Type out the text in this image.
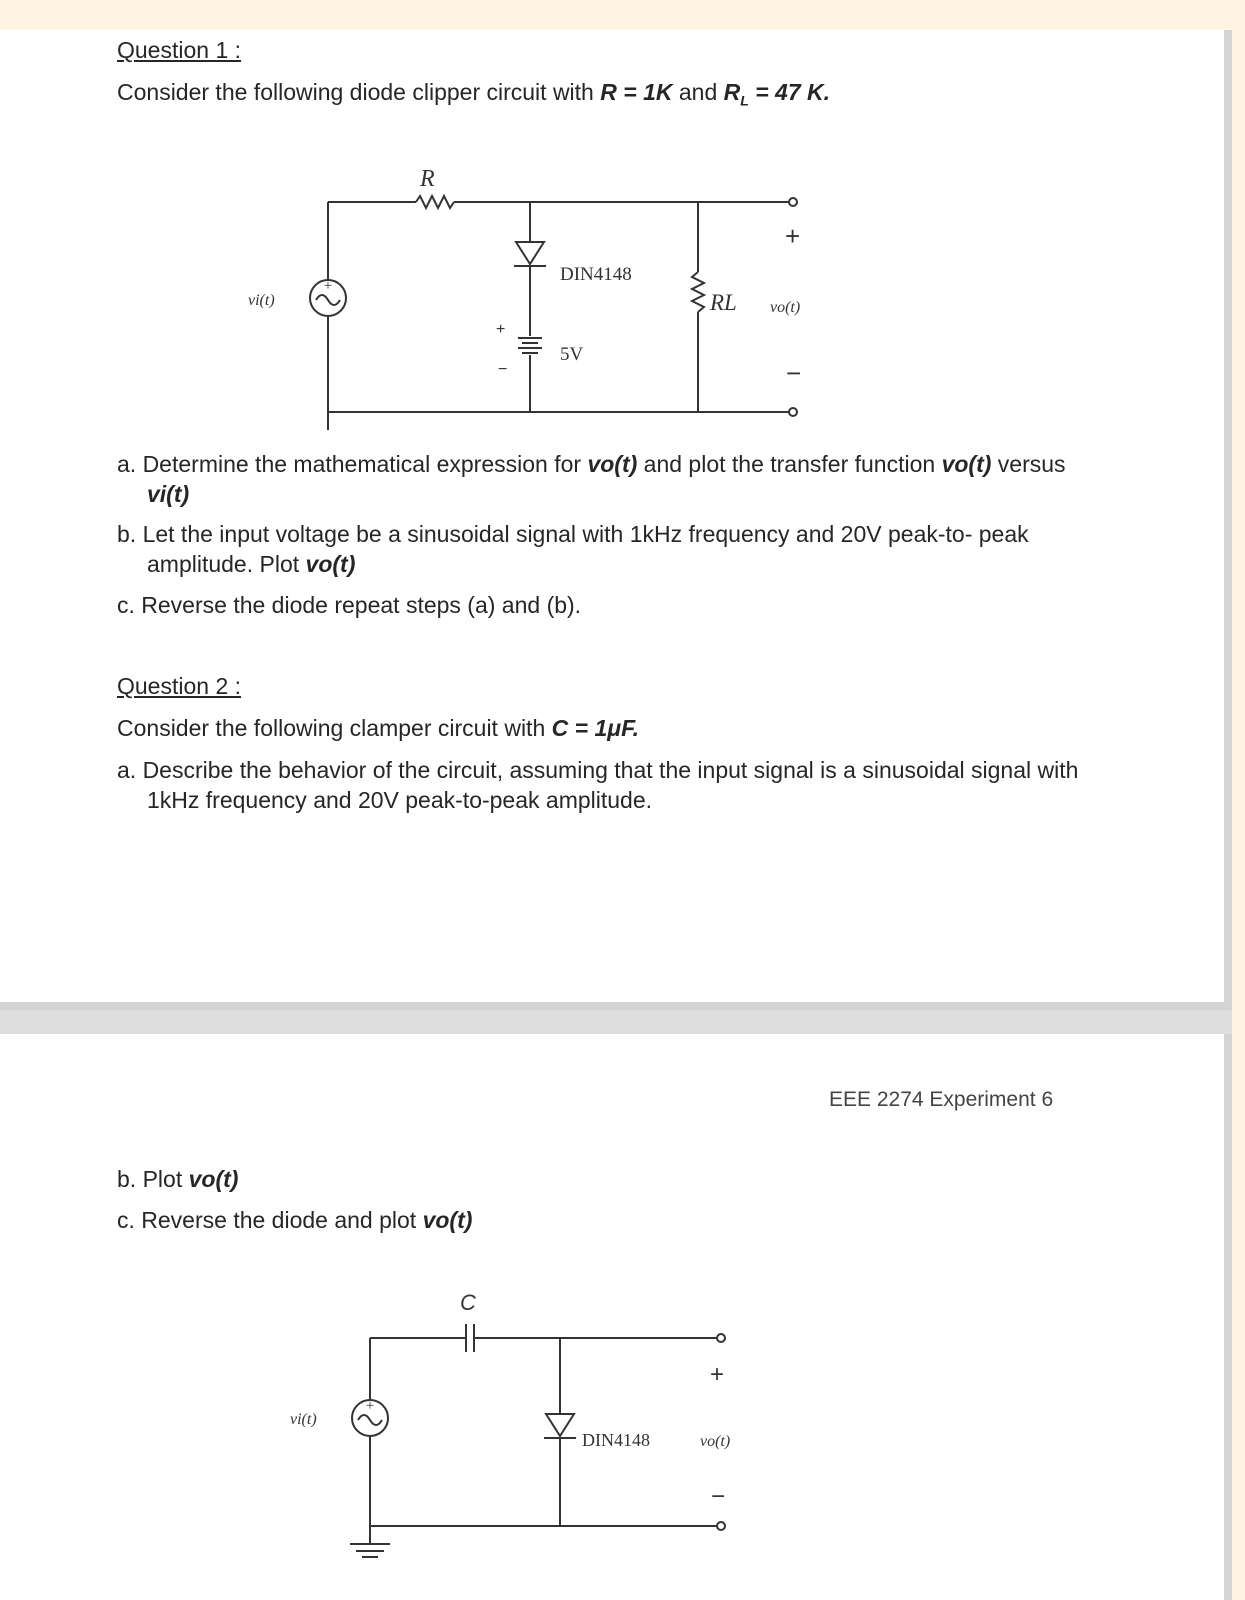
Question 1 :
Consider the following diode clipper circuit with R = 1K and $R_L = 47$ K.
+
R
DIN4148
5V
+
−
RL
vi(t)	vo(t)
+
−
a. Determine the mathematical expression for vo(t) and plot the transfer function vo(t) versus vi(t)
b. Let the input voltage be a sinusoidal signal with 1kHz frequency and 20V peak-to- peak amplitude. Plot vo(t)
c. Reverse the diode repeat steps (a) and (b).
Question 2 :
Consider the following clamper circuit with C = 1μF.
a. Describe the behavior of the circuit, assuming that the input signal is a sinusoidal signal with 1kHz frequency and 20V peak-to-peak amplitude.
EEE 2274 Experiment 6
b. Plot vo(t)
c. Reverse the diode and plot vo(t)
+
C
DIN4148
vi(t)
vo(t)
+
−
